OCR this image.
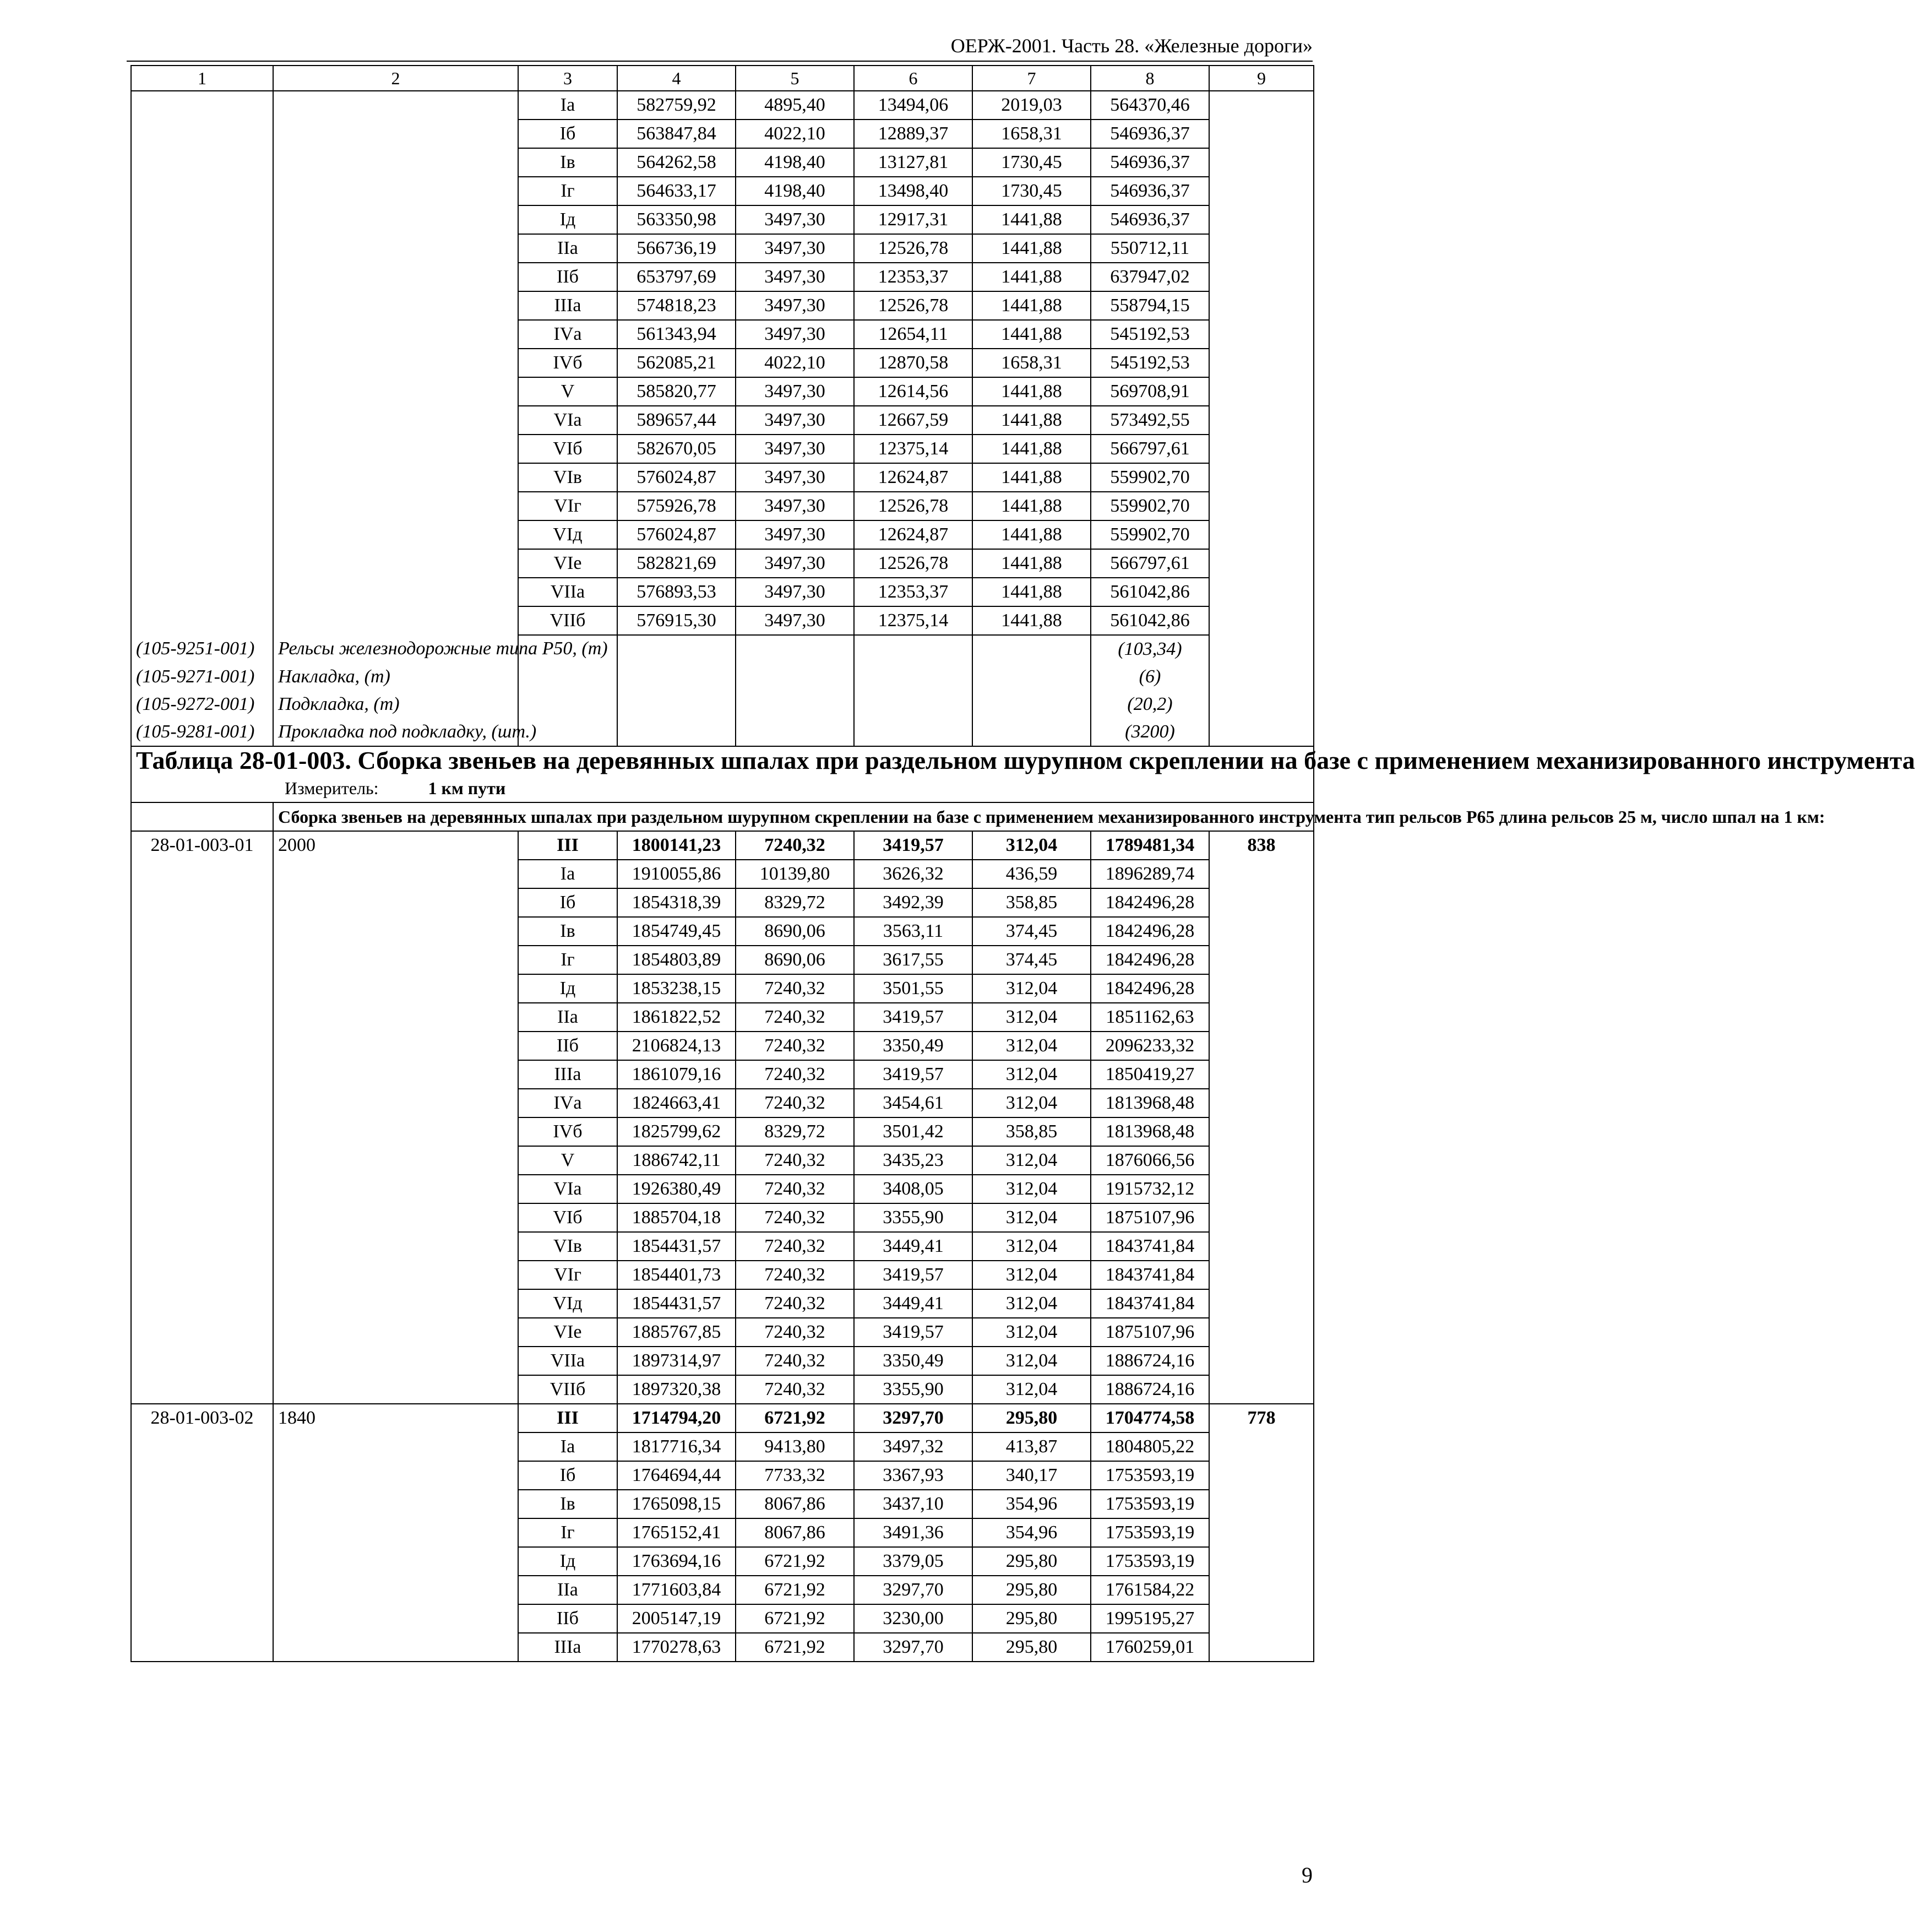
ОЕРЖ-2001. Часть 28. «Железные дороги»
1	2	3	4	5	6	7	8	9
		Iа	582759,92	4895,40	13494,06	2019,03	564370,46	
		Iб	563847,84	4022,10	12889,37	1658,31	546936,37	
		Iв	564262,58	4198,40	13127,81	1730,45	546936,37	
		Iг	564633,17	4198,40	13498,40	1730,45	546936,37	
		Iд	563350,98	3497,30	12917,31	1441,88	546936,37	
		IIа	566736,19	3497,30	12526,78	1441,88	550712,11	
		IIб	653797,69	3497,30	12353,37	1441,88	637947,02	
		IIIа	574818,23	3497,30	12526,78	1441,88	558794,15	
		IVа	561343,94	3497,30	12654,11	1441,88	545192,53	
		IVб	562085,21	4022,10	12870,58	1658,31	545192,53	
		V	585820,77	3497,30	12614,56	1441,88	569708,91	
		VIа	589657,44	3497,30	12667,59	1441,88	573492,55	
		VIб	582670,05	3497,30	12375,14	1441,88	566797,61	
		VIв	576024,87	3497,30	12624,87	1441,88	559902,70	
		VIг	575926,78	3497,30	12526,78	1441,88	559902,70	
		VIд	576024,87	3497,30	12624,87	1441,88	559902,70	
		VIе	582821,69	3497,30	12526,78	1441,88	566797,61	
		VIIа	576893,53	3497,30	12353,37	1441,88	561042,86	
		VIIб	576915,30	3497,30	12375,14	1441,88	561042,86	
(105-9251-001)	Рельсы железнодорожные типа Р50, (т)						(103,34)	
(105-9271-001)	Накладка, (т)						(6)	
(105-9272-001)	Подкладка, (т)						(20,2)	
(105-9281-001)	Прокладка под подкладку, (шт.)						(3200)	
Таблица 28-01-003. Сборка звеньев на деревянных шпалах при раздельном шурупном скреплении на базе с применением механизированного инструмента								
Измеритель: 1 км пути								
	Сборка звеньев на деревянных шпалах при раздельном шурупном скреплении на базе с применением механизированного инструмента тип рельсов Р65 длина рельсов 25 м, число шпал на 1 км:							
28-01-003-01	2000	III	1800141,23	7240,32	3419,57	312,04	1789481,34	838
		Iа	1910055,86	10139,80	3626,32	436,59	1896289,74	
		Iб	1854318,39	8329,72	3492,39	358,85	1842496,28	
		Iв	1854749,45	8690,06	3563,11	374,45	1842496,28	
		Iг	1854803,89	8690,06	3617,55	374,45	1842496,28	
		Iд	1853238,15	7240,32	3501,55	312,04	1842496,28	
		IIа	1861822,52	7240,32	3419,57	312,04	1851162,63	
		IIб	2106824,13	7240,32	3350,49	312,04	2096233,32	
		IIIа	1861079,16	7240,32	3419,57	312,04	1850419,27	
		IVа	1824663,41	7240,32	3454,61	312,04	1813968,48	
		IVб	1825799,62	8329,72	3501,42	358,85	1813968,48	
		V	1886742,11	7240,32	3435,23	312,04	1876066,56	
		VIа	1926380,49	7240,32	3408,05	312,04	1915732,12	
		VIб	1885704,18	7240,32	3355,90	312,04	1875107,96	
		VIв	1854431,57	7240,32	3449,41	312,04	1843741,84	
		VIг	1854401,73	7240,32	3419,57	312,04	1843741,84	
		VIд	1854431,57	7240,32	3449,41	312,04	1843741,84	
		VIе	1885767,85	7240,32	3419,57	312,04	1875107,96	
		VIIа	1897314,97	7240,32	3350,49	312,04	1886724,16	
		VIIб	1897320,38	7240,32	3355,90	312,04	1886724,16	
28-01-003-02	1840	III	1714794,20	6721,92	3297,70	295,80	1704774,58	778
		Iа	1817716,34	9413,80	3497,32	413,87	1804805,22	
		Iб	1764694,44	7733,32	3367,93	340,17	1753593,19	
		Iв	1765098,15	8067,86	3437,10	354,96	1753593,19	
		Iг	1765152,41	8067,86	3491,36	354,96	1753593,19	
		Iд	1763694,16	6721,92	3379,05	295,80	1753593,19	
		IIа	1771603,84	6721,92	3297,70	295,80	1761584,22	
		IIб	2005147,19	6721,92	3230,00	295,80	1995195,27	
		IIIа	1770278,63	6721,92	3297,70	295,80	1760259,01	
9
